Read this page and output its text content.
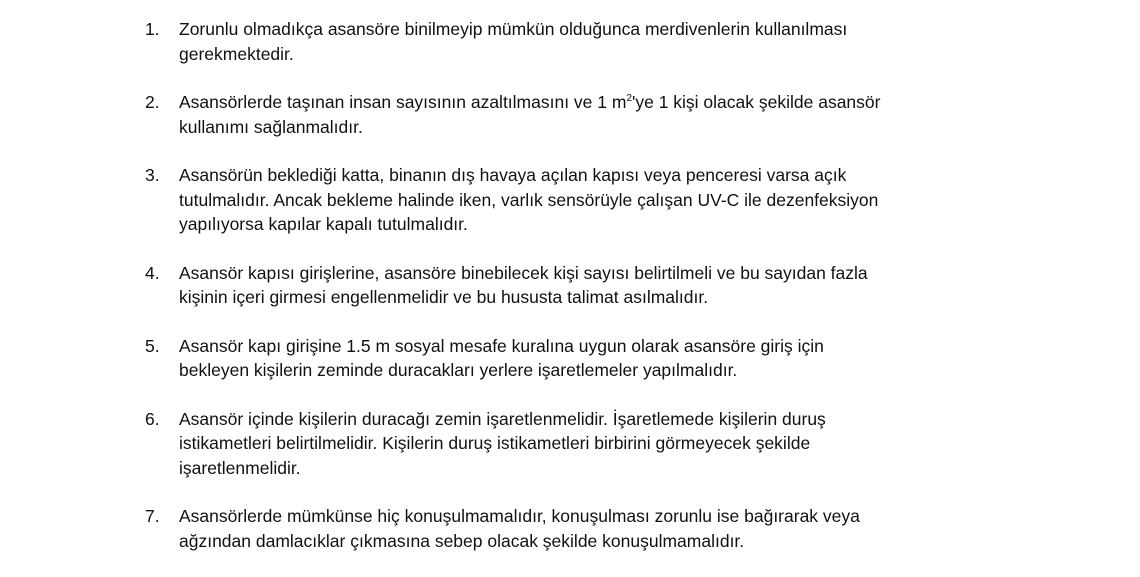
1.	Zorunlu olmadıkça asansöre binilmeyip mümkün olduğunca merdivenlerin kullanılması
gerekmektedir.
2.	Asansörlerde taşınan insan sayısının azaltılmasını ve 1 $m^2'ye$ 1 kişi olacak şekilde asansör
kullanımı sağlanmalıdır.
3.	Asansörün beklediği katta, binanın dış havaya açılan kapısı veya penceresi varsa açık
tutulmalıdır. Ancak bekleme halinde iken, varlık sensörüyle çalışan UV-C ile dezenfeksiyon
yapılıyorsa kapılar kapalı tutulmalıdır.
4.	Asansör kapısı girişlerine, asansöre binebilecek kişi sayısı belirtilmeli ve bu sayıdan fazla
kişinin içeri girmesi engellenmelidir ve bu hususta talimat asılmalıdır.
5.	Asansör kapı girişine 1.5 m sosyal mesafe kuralına uygun olarak asansöre giriş için
bekleyen kişilerin zeminde duracakları yerlere işaretlemeler yapılmalıdır.
6.	Asansör içinde kişilerin duracağı zemin işaretlenmelidir. İşaretlemede kişilerin duruş
istikametleri belirtilmelidir. Kişilerin duruş istikametleri birbirini görmeyecek şekilde
işaretlenmelidir.
7.	Asansörlerde mümkünse hiç konuşulmamalıdır, konuşulması zorunlu ise bağırarak veya
ağzından damlacıklar çıkmasına sebep olacak şekilde konuşulmamalıdır.
